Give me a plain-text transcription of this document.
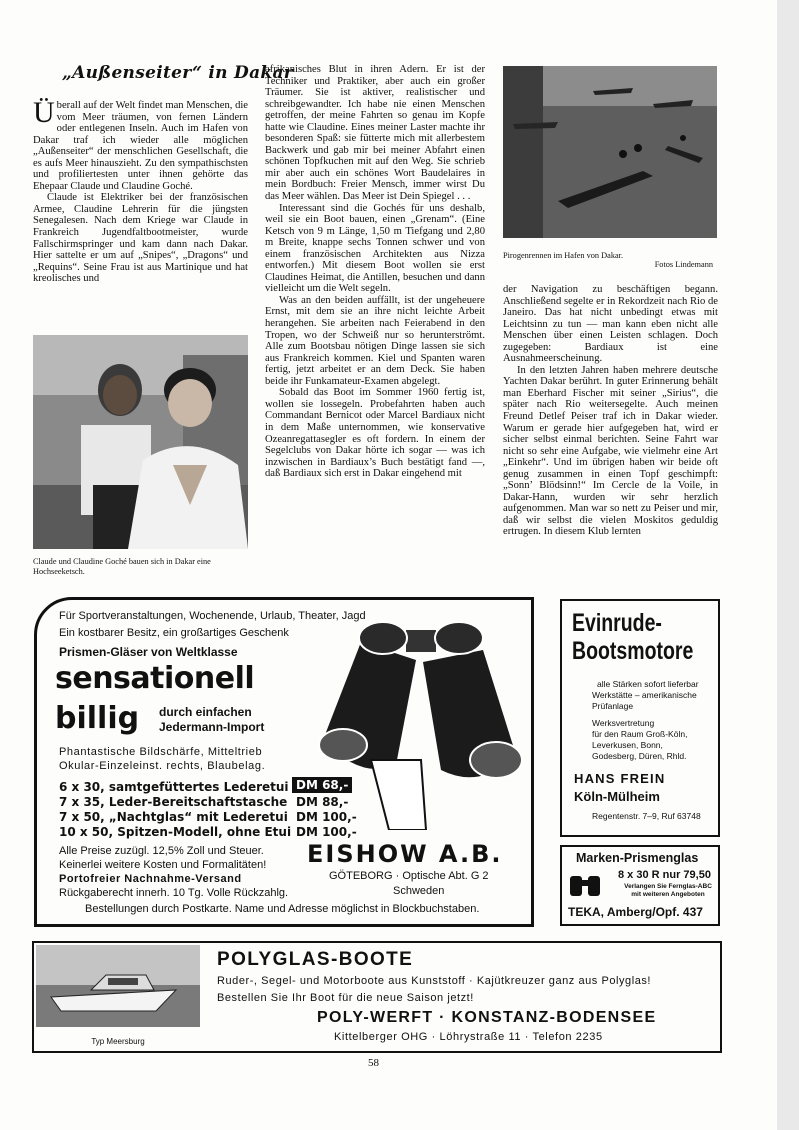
„Außenseiter“ in Dakar

Überall auf der Welt findet man Menschen, die vom Meer träumen, von fernen Ländern oder entlegenen Inseln. Auch im Hafen von Dakar traf ich wieder alle möglichen „Außenseiter“ der menschlichen Gesellschaft, die es aufs Meer hinauszieht. Zu den sympathischsten und profiliertesten unter ihnen gehörte das Ehepaar Claude und Claudine Goché.

Claude ist Elektriker bei der französischen Armee, Claudine Lehrerin für die jüngsten Senegalesen. Nach dem Kriege war Claude in Frankreich Jugendfaltbootmeister, wurde Fallschirmspringer und kam dann nach Dakar. Hier sattelte er um auf „Snipes“, „Dragons“ und „Requins“. Seine Frau ist aus Martinique und hat kreolisches und

Claude und Claudine Goché bauen sich in Dakar eine Hochseeketsch.

afrikanisches Blut in ihren Adern. Er ist der Techniker und Praktiker, aber auch ein großer Träumer. Sie ist aktiver, realistischer und schreibgewandter. Ich habe nie einen Menschen getroffen, der meine Fahrten so genau im Kopfe hatte wie Claudine. Eines meiner Laster machte ihr besonderen Spaß: sie fütterte mich mit allerbestem Backwerk und gab mir bei meiner Abfahrt einen schönen Topfkuchen mit auf den Weg. Sie schrieb mir aber auch ein schönes Wort Baudelaires in mein Bordbuch: Freier Mensch, immer wirst Du das Meer wählen. Das Meer ist Dein Spiegel . . .

Interessant sind die Gochés für uns deshalb, weil sie ein Boot bauen, einen „Grenam“. (Eine Ketsch von 9 m Länge, 1,50 m Tiefgang und 2,80 m Breite, knappe sechs Tonnen schwer und von einem französischen Architekten aus Nizza entworfen.) Mit diesem Boot wollen sie erst Claudines Heimat, die Antillen, besuchen und dann vielleicht um die Welt segeln.

Was an den beiden auffällt, ist der ungeheuere Ernst, mit dem sie an ihre nicht leichte Arbeit herangehen. Sie arbeiten nach Feierabend in den Tropen, wo der Schweiß nur so herunterströmt. Alle zum Bootsbau nötigen Dinge lassen sie sich aus Frankreich kommen. Kiel und Spanten waren fertig, jetzt arbeitet er an dem Deck. Sie haben beide ihr Funkamateur-Examen abgelegt.

Sobald das Boot im Sommer 1960 fertig ist, wollen sie lossegeln. Probefahrten haben auch Commandant Bernicot oder Marcel Bardiaux nicht in dem Maße unternommen, wie konservative Ozeanregattasegler es oft fordern. In einem der Segelclubs von Dakar hörte ich sogar — was ich inzwischen in Bardiaux’s Buch bestätigt fand —, daß Bardiaux sich erst in Dakar eingehend mit

Pirogenrennen im Hafen von Dakar.
Fotos Lindemann

der Navigation zu beschäftigen begann. Anschließend segelte er in Rekordzeit nach Rio de Janeiro. Das hat nicht unbedingt etwas mit Leichtsinn zu tun — man kann eben nicht alle Menschen über einen Leisten schlagen. Doch zugegeben: Bardiaux ist eine Ausnahmeerscheinung.

In den letzten Jahren haben mehrere deutsche Yachten Dakar berührt. In guter Erinnerung behält man Eberhard Fischer mit seiner „Sirius“, die später nach Rio weitersegelte. Auch meinen Freund Detlef Peiser traf ich in Dakar wieder. Warum er gerade hier aufgegeben hat, wird er sicher selbst einmal berichten. Seine Fahrt war nicht so sehr eine Aufgabe, wie vielmehr eine Art „Einkehr“. Und im übrigen haben wir beide oft genug zusammen in einen Topf geschimpft: „Sonn’ Blödsinn!“ Im Cercle de la Voile, in Dakar-Hann, wurden wir sehr herzlich aufgenommen. Man war so nett zu Peiser und mir, daß wir selbst die vielen Moskitos geduldig ertrugen. In diesem Klub lernten

Für Sportveranstaltungen, Wochenende, Urlaub, Theater, Jagd
Ein kostbarer Besitz, ein großartiges Geschenk
Prismen-Gläser von Weltklasse
sensationell
billig durch einfachen
Jedermann-Import
Phantastische Bildschärfe, Mitteltrieb
Okular-Einzeleinst. rechts, Blaubelag.
6 x 30, samtgefüttertes Lederetui
7 x 35, Leder-Bereitschaftstasche
7 x 50, „Nachtglas“ mit Lederetui
10 x 50, Spitzen-Modell, ohne Etui
DM 68,-
DM 88,-
DM 100,-
DM 100,-
Alle Preise zuzügl. 12,5% Zoll und Steuer.
Keinerlei weitere Kosten und Formalitäten!
Portofreier Nachnahme-Versand
Rückgaberecht innerh. 10 Tg. Volle Rückzahlg.
EISHOW A.B.
GÖTEBORG · Optische Abt. G 2
Schweden
Bestellungen durch Postkarte. Name und Adresse möglichst in Blockbuchstaben.
Evinrude-
Bootsmotore
alle Stärken sofort lieferbar
Werkstätte – amerikanische
Prüfanlage
Werksvertretung
für den Raum Groß-Köln,
Leverkusen, Bonn,
Godesberg, Düren, Rhld.
HANS FREIN
Köln-Mülheim
Regentenstr. 7–9, Ruf 63748
Marken-Prismenglas
8 x 30 R nur 79,50
Verlangen Sie Fernglas-ABC
mit weiteren Angeboten
TEKA, Amberg/Opf. 437
Typ Meersburg
POLYGLAS-BOOTE
Ruder-, Segel- und Motorboote aus Kunststoff · Kajütkreuzer ganz aus Polyglas!
Bestellen Sie Ihr Boot für die neue Saison jetzt!
POLY-WERFT · KONSTANZ-BODENSEE
Kittelberger OHG · Löhrystraße 11 · Telefon 2235
58
